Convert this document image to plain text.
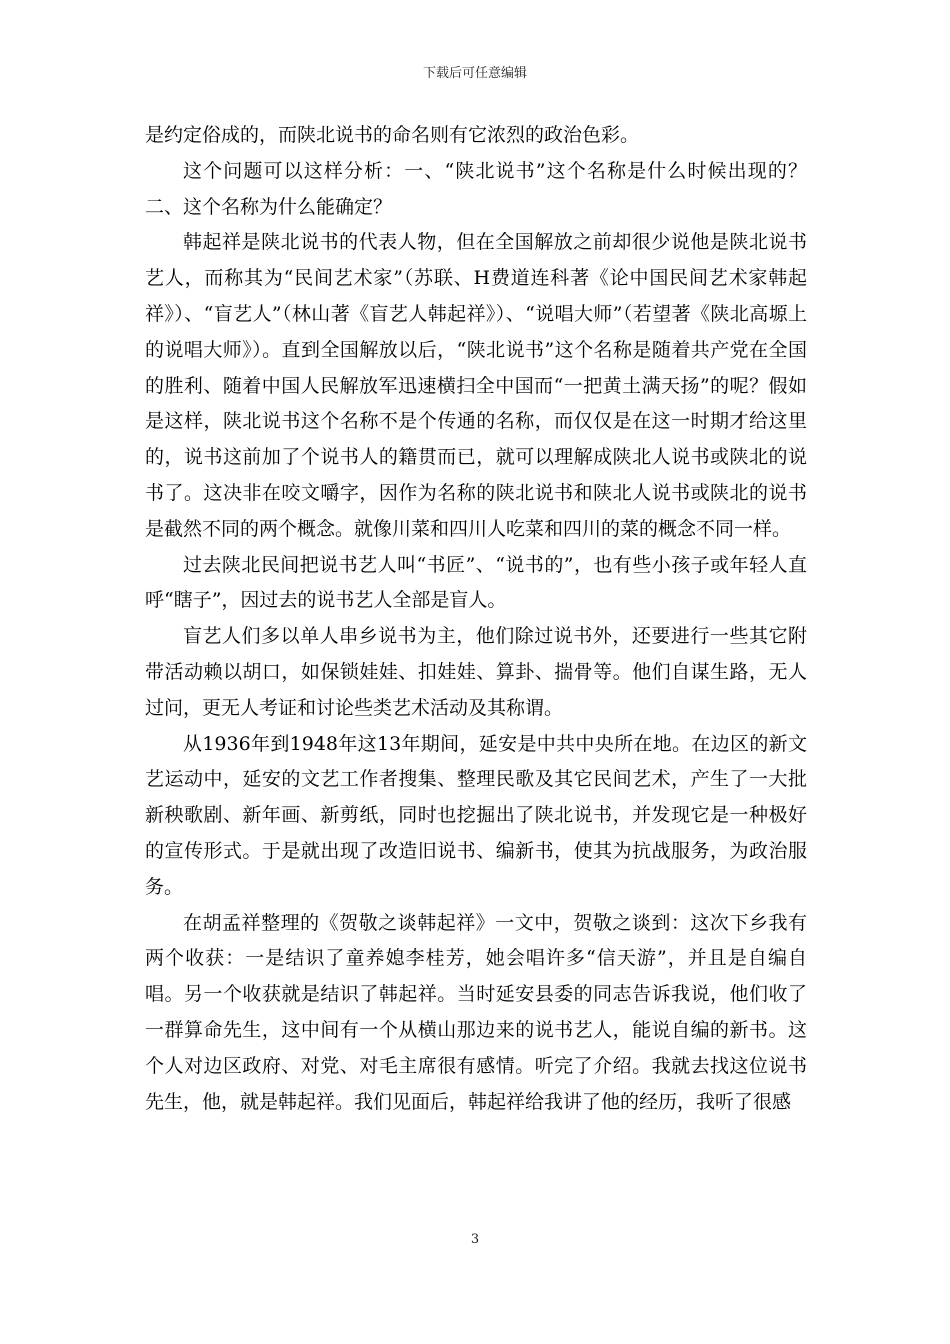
下载后可任意编辑

是约定俗成的，而陕北说书的命名则有它浓烈的政治色彩。

这个问题可以这样分析：一、“陕北说书”这个名称是什么时候出现的？二、这个名称为什么能确定？

韩起祥是陕北说书的代表人物，但在全国解放之前却很少说他是陕北说书艺人，而称其为“民间艺术家”（苏联、H费道连科著《论中国民间艺术家韩起祥》）、“盲艺人”（林山著《盲艺人韩起祥》）、“说唱大师”（若望著《陕北高塬上的说唱大师》）。直到全国解放以后，“陕北说书”这个名称是随着共产党在全国的胜利、随着中国人民解放军迅速横扫全中国而“一把黄土满天扬”的呢？假如是这样，陕北说书这个名称不是个传通的名称，而仅仅是在这一时期才给这里的，说书这前加了个说书人的籍贯而已，就可以理解成陕北人说书或陕北的说书了。这决非在咬文嚼字，因作为名称的陕北说书和陕北人说书或陕北的说书是截然不同的两个概念。就像川菜和四川人吃菜和四川的菜的概念不同一样。

过去陕北民间把说书艺人叫“书匠”、“说书的”，也有些小孩子或年轻人直呼“瞎子”，因过去的说书艺人全部是盲人。

盲艺人们多以单人串乡说书为主，他们除过说书外，还要进行一些其它附带活动赖以胡口，如保锁娃娃、扣娃娃、算卦、揣骨等。他们自谋生路，无人过问，更无人考证和讨论些类艺术活动及其称谓。

从1936年到1948年这13年期间，延安是中共中央所在地。在边区的新文艺运动中，延安的文艺工作者搜集、整理民歌及其它民间艺术，产生了一大批新秧歌剧、新年画、新剪纸，同时也挖掘出了陕北说书，并发现它是一种极好的宣传形式。于是就出现了改造旧说书、编新书，使其为抗战服务，为政治服务。

在胡孟祥整理的《贺敬之谈韩起祥》一文中，贺敬之谈到：这次下乡我有两个收获：一是结识了童养媳李桂芳，她会唱许多“信天游”，并且是自编自唱。另一个收获就是结识了韩起祥。当时延安县委的同志告诉我说，他们收了一群算命先生，这中间有一个从横山那边来的说书艺人，能说自编的新书。这个人对边区政府、对党、对毛主席很有感情。听完了介绍。我就去找这位说书先生，他，就是韩起祥。我们见面后，韩起祥给我讲了他的经历，我听了很感

3
